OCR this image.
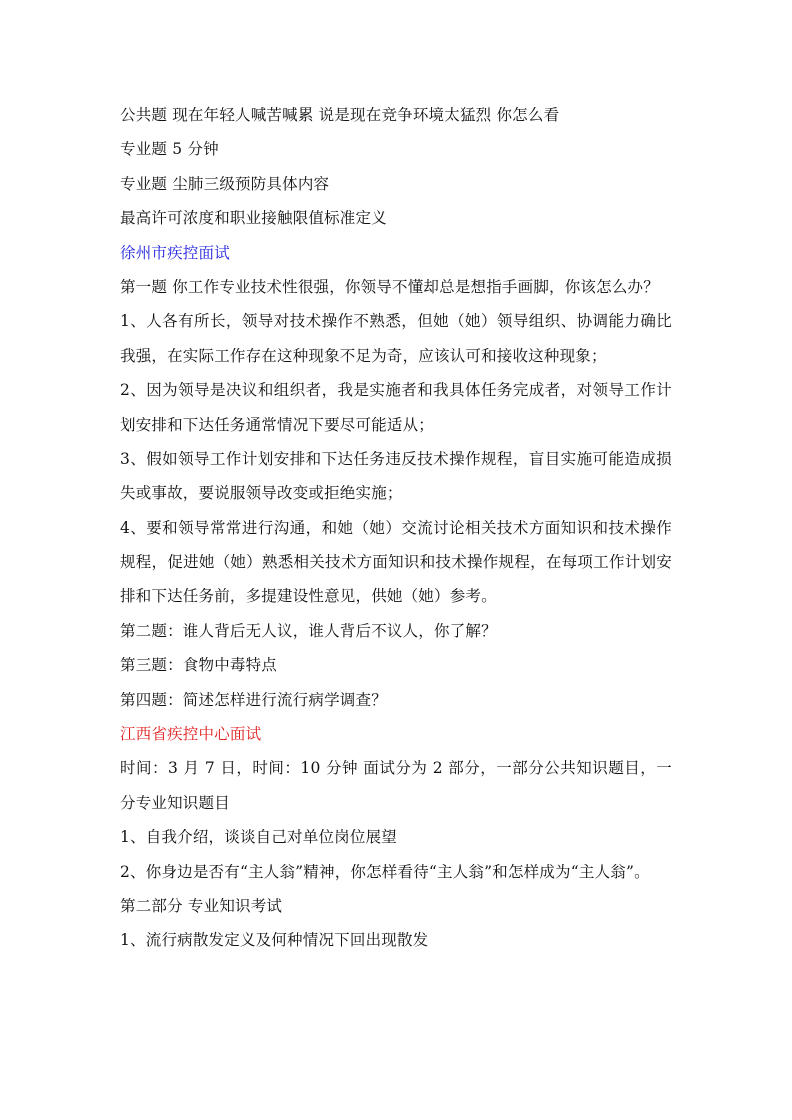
公共题 现在年轻人喊苦喊累 说是现在竞争环境太猛烈 你怎么看
专业题 5 分钟
专业题 尘肺三级预防具体内容
最高许可浓度和职业接触限值标准定义
徐州市疾控面试
第一题 你工作专业技术性很强，你领导不懂却总是想指手画脚，你该怎么办？
1、人各有所长，领导对技术操作不熟悉，但她（她）领导组织、协调能力确比
我强，在实际工作存在这种现象不足为奇，应该认可和接收这种现象；
2、因为领导是决议和组织者，我是实施者和我具体任务完成者，对领导工作计
划安排和下达任务通常情况下要尽可能适从；
3、假如领导工作计划安排和下达任务违反技术操作规程，盲目实施可能造成损
失或事故，要说服领导改变或拒绝实施；
4、要和领导常常进行沟通，和她（她）交流讨论相关技术方面知识和技术操作
规程，促进她（她）熟悉相关技术方面知识和技术操作规程，在每项工作计划安
排和下达任务前，多提建设性意见，供她（她）参考。
第二题：谁人背后无人议，谁人背后不议人，你了解？
第三题：食物中毒特点
第四题：简述怎样进行流行病学调查？
江西省疾控中心面试
时间：3 月 7 日，时间：10 分钟 面试分为 2 部分，一部分公共知识题目，一
分专业知识题目
1、自我介绍，谈谈自己对单位岗位展望
2、你身边是否有“主人翁”精神，你怎样看待“主人翁”和怎样成为“主人翁”。
第二部分 专业知识考试
1、流行病散发定义及何种情况下回出现散发
